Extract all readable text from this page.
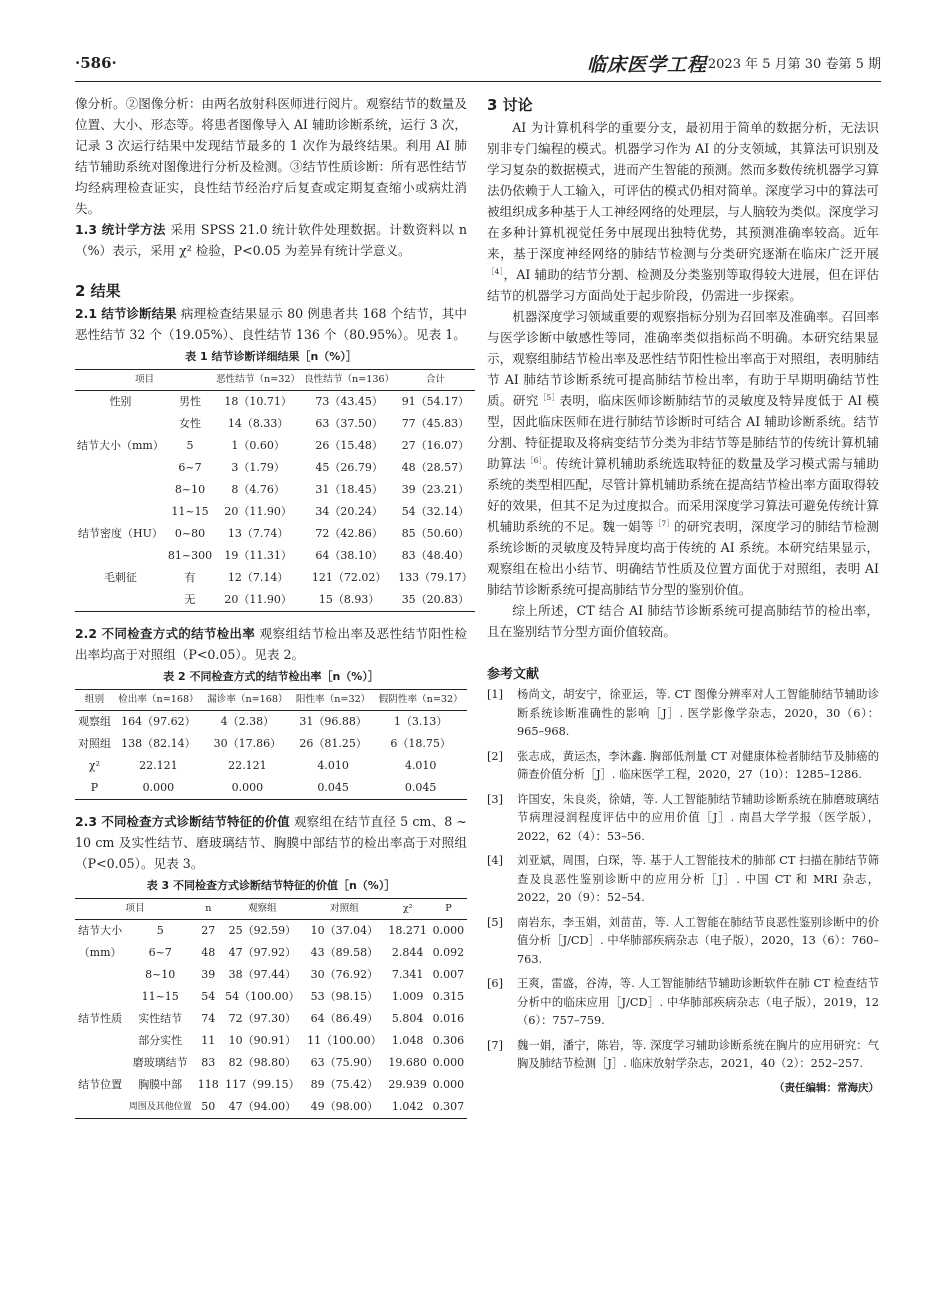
·586·	临床医学工程 2023 年 5 月第 30 卷第 5 期

像分析。②图像分析：由两名放射科医师进行阅片。观察结节的数量及位置、大小、形态等。将患者图像导入 AI 辅助诊断系统，运行 3 次，记录 3 次运行结果中发现结节最多的 1 次作为最终结果。利用 AI 肺结节辅助系统对图像进行分析及检测。③结节性质诊断：所有恶性结节均经病理检查证实，良性结节经治疗后复查或定期复查缩小或病灶消失。

1.3 统计学方法 采用 SPSS 21.0 统计软件处理数据。计数资料以 n（%）表示，采用 χ² 检验，P<0.05 为差异有统计学意义。

2 结果

2.1 结节诊断结果 病理检查结果显示 80 例患者共 168 个结节，其中恶性结节 32 个（19.05%）、良性结节 136 个（80.95%）。见表 1。

表 1 结节诊断详细结果［n（%）］
项目		恶性结节（n=32）	良性结节（n=136）	合计
性别	男性	18（10.71）	73（43.45）	91（54.17）
	女性	14（8.33）	63（37.50）	77（45.83）
结节大小（mm）	5	1（0.60）	26（15.48）	27（16.07）
	6~7	3（1.79）	45（26.79）	48（28.57）
	8~10	8（4.76）	31（18.45）	39（23.21）
	11~15	20（11.90）	34（20.24）	54（32.14）
结节密度（HU）	0~80	13（7.74）	72（42.86）	85（50.60）
	81~300	19（11.31）	64（38.10）	83（48.40）
毛刺征	有	12（7.14）	121（72.02）	133（79.17）
	无	20（11.90）	15（8.93）	35（20.83）

2.2 不同检查方式的结节检出率 观察组结节检出率及恶性结节阳性检出率均高于对照组（P<0.05）。见表 2。

表 2 不同检查方式的结节检出率［n（%）］
组别	检出率（n=168）	漏诊率（n=168）	阳性率（n=32）	假阴性率（n=32）
观察组	164（97.62）	4（2.38）	31（96.88）	1（3.13）
对照组	138（82.14）	30（17.86）	26（81.25）	6（18.75）
χ²	22.121	22.121	4.010	4.010
P	0.000	0.000	0.045	0.045

2.3 不同检查方式诊断结节特征的价值 观察组在结节直径 5 cm、8 ~ 10 cm 及实性结节、磨玻璃结节、胸膜中部结节的检出率高于对照组（P<0.05）。见表 3。

表 3 不同检查方式诊断结节特征的价值［n（%）］
项目		n	观察组	对照组	χ²	P
结节大小	5	27	25（92.59）	10（37.04）	18.271	0.000
（mm）	6~7	48	47（97.92）	43（89.58）	2.844	0.092
	8~10	39	38（97.44）	30（76.92）	7.341	0.007
	11~15	54	54（100.00）	53（98.15）	1.009	0.315
结节性质	实性结节	74	72（97.30）	64（86.49）	5.804	0.016
	部分实性	11	10（90.91）	11（100.00）	1.048	0.306
	磨玻璃结节	83	82（98.80）	63（75.90）	19.680	0.000
结节位置	胸膜中部	118	117（99.15）	89（75.42）	29.939	0.000
	周围及其他位置	50	47（94.00）	49（98.00）	1.042	0.307
3 讨论

AI 为计算机科学的重要分支，最初用于简单的数据分析，无法识别非专门编程的模式。机器学习作为 AI 的分支领域，其算法可识别及学习复杂的数据模式，进而产生智能的预测。然而多数传统机器学习算法仍依赖于人工输入，可评估的模式仍相对简单。深度学习中的算法可被组织成多种基于人工神经网络的处理层，与人脑较为类似。深度学习在多种计算机视觉任务中展现出独特优势，其预测准确率较高。近年来，基于深度神经网络的肺结节检测与分类研究逐渐在临床广泛开展$^{[4]}$，AI 辅助的结节分割、检测及分类鉴别等取得较大进展，但在评估结节的机器学习方面尚处于起步阶段，仍需进一步探索。

机器深度学习领域重要的观察指标分别为召回率及准确率。召回率与医学诊断中敏感性等同，准确率类似指标尚不明确。本研究结果显示，观察组肺结节检出率及恶性结节阳性检出率高于对照组，表明肺结节 AI 肺结节诊断系统可提高肺结节检出率，有助于早期明确结节性质。研究$^{[5]}$表明，临床医师诊断肺结节的灵敏度及特异度低于 AI 模型，因此临床医师在进行肺结节诊断时可结合 AI 辅助诊断系统。结节分割、特征提取及将病变结节分类为非结节等是肺结节的传统计算机辅助算法$^{[6]}$。传统计算机辅助系统选取特征的数量及学习模式需与辅助系统的类型相匹配，尽管计算机辅助系统在提高结节检出率方面取得较好的效果，但其不足为过度拟合。而采用深度学习算法可避免传统计算机辅助系统的不足。魏一娟等$^{[7]}$的研究表明，深度学习的肺结节检测系统诊断的灵敏度及特异度均高于传统的 AI 系统。本研究结果显示，观察组在检出小结节、明确结节性质及位置方面优于对照组，表明 AI 肺结节诊断系统可提高肺结节分型的鉴别价值。

综上所述，CT 结合 AI 肺结节诊断系统可提高肺结节的检出率，且在鉴别结节分型方面价值较高。

参考文献
[1] 杨尚文，胡安宁，徐亚运，等. CT 图像分辨率对人工智能肺结节辅助诊断系统诊断准确性的影响［J］. 医学影像学杂志，2020，30（6）：965–968.
[2] 张志成，黄运杰，李沐鑫. 胸部低剂量 CT 对健康体检者肺结节及肺癌的筛查价值分析［J］. 临床医学工程，2020，27（10）：1285–1286.
[3] 许国安，朱良炎，徐婧，等. 人工智能肺结节辅助诊断系统在肺磨玻璃结节病理浸润程度评估中的应用价值［J］. 南昌大学学报（医学版），2022，62（4）：53–56.
[4] 刘亚斌，周围，白琛，等. 基于人工智能技术的肺部 CT 扫描在肺结节筛查及良恶性鉴别诊断中的应用分析［J］. 中国 CT 和 MRI 杂志，2022，20（9）：52–54.
[5] 南岩东，李玉娟，刘苗苗，等. 人工智能在肺结节良恶性鉴别诊断中的价值分析［J/CD］. 中华肺部疾病杂志（电子版），2020，13（6）：760–763.
[6] 王爽，雷盛，谷涛，等. 人工智能肺结节辅助诊断软件在肺 CT 检查结节分析中的临床应用［J/CD］. 中华肺部疾病杂志（电子版），2019，12（6）：757–759.
[7] 魏一娟，潘宁，陈岩，等. 深度学习辅助诊断系统在胸片的应用研究：气胸及肺结节检测［J］. 临床放射学杂志，2021，40（2）：252–257.
（责任编辑：常海庆）
